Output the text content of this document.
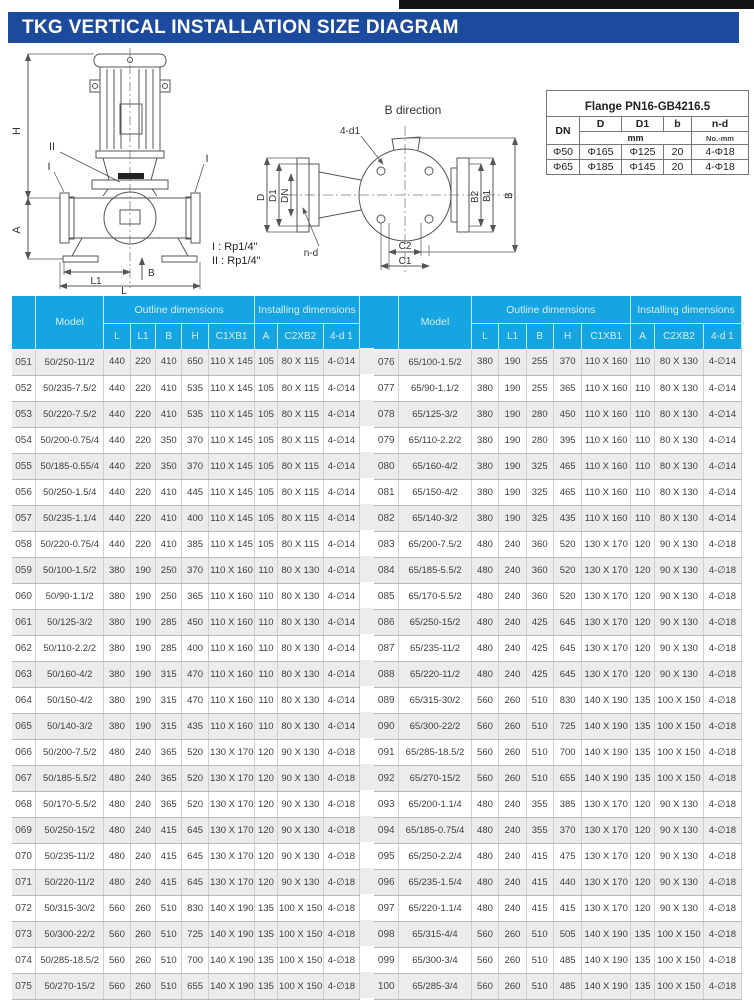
TKG VERTICAL INSTALLATION SIZE DIAGRAM
H
A
L1
L
B
II
I
I
B direction
D D1 DN	B2 B1 B
C2
C1
4-d1
n-d
I : Rp1/4"
II : Rp1/4"
Flange PN16-GB4216.5				
DN	D	D1	b	n-d
	mm			No.-mm
Φ50	Φ165	Φ125	20	4-Φ18
Φ65	Φ185	Φ145	20	4-Φ18
	Model	Outline dimensions					Installing dimensions		
		L	L1	B	H	C1XB1	A	C2XB2	4-d 1
051	50/250-11/2	440	220	410	650	110 X 145	105	80 X 115	4-∅14
052	50/235-7.5/2	440	220	410	535	110 X 145	105	80 X 115	4-∅14
053	50/220-7.5/2	440	220	410	535	110 X 145	105	80 X 115	4-∅14
054	50/200-0.75/4	440	220	350	370	110 X 145	105	80 X 115	4-∅14
055	50/185-0.55/4	440	220	350	370	110 X 145	105	80 X 115	4-∅14
056	50/250-1.5/4	440	220	410	445	110 X 145	105	80 X 115	4-∅14
057	50/235-1.1/4	440	220	410	400	110 X 145	105	80 X 115	4-∅14
058	50/220-0.75/4	440	220	410	385	110 X 145	105	80 X 115	4-∅14
059	50/100-1.5/2	380	190	250	370	110 X 160	110	80 X 130	4-∅14
060	50/90-1.1/2	380	190	250	365	110 X 160	110	80 X 130	4-∅14
061	50/125-3/2	380	190	285	450	110 X 160	110	80 X 130	4-∅14
062	50/110-2.2/2	380	190	285	400	110 X 160	110	80 X 130	4-∅14
063	50/160-4/2	380	190	315	470	110 X 160	110	80 X 130	4-∅14
064	50/150-4/2	380	190	315	470	110 X 160	110	80 X 130	4-∅14
065	50/140-3/2	380	190	315	435	110 X 160	110	80 X 130	4-∅14
066	50/200-7.5/2	480	240	365	520	130 X 170	120	90 X 130	4-∅18
067	50/185-5.5/2	480	240	365	520	130 X 170	120	90 X 130	4-∅18
068	50/170-5.5/2	480	240	365	520	130 X 170	120	90 X 130	4-∅18
069	50/250-15/2	480	240	415	645	130 X 170	120	90 X 130	4-∅18
070	50/235-11/2	480	240	415	645	130 X 170	120	90 X 130	4-∅18
071	50/220-11/2	480	240	415	645	130 X 170	120	90 X 130	4-∅18
072	50/315-30/2	560	260	510	830	140 X 190	135	100 X 150	4-∅18
073	50/300-22/2	560	260	510	725	140 X 190	135	100 X 150	4-∅18
074	50/285-18.5/2	560	260	510	700	140 X 190	135	100 X 150	4-∅18
075	50/270-15/2	560	260	510	655	140 X 190	135	100 X 150	4-∅18
	Model	Outline dimensions					Installing dimensions		
		L	L1	B	H	C1XB1	A	C2XB2	4-d 1
076	65/100-1.5/2	380	190	255	370	110 X 160	110	80 X 130	4-∅14
077	65/90-1.1/2	380	190	255	365	110 X 160	110	80 X 130	4-∅14
078	65/125-3/2	380	190	280	450	110 X 160	110	80 X 130	4-∅14
079	65/110-2.2/2	380	190	280	395	110 X 160	110	80 X 130	4-∅14
080	65/160-4/2	380	190	325	465	110 X 160	110	80 X 130	4-∅14
081	65/150-4/2	380	190	325	465	110 X 160	110	80 X 130	4-∅14
082	65/140-3/2	380	190	325	435	110 X 160	110	80 X 130	4-∅14
083	65/200-7.5/2	480	240	360	520	130 X 170	120	90 X 130	4-∅18
084	65/185-5.5/2	480	240	360	520	130 X 170	120	90 X 130	4-∅18
085	65/170-5.5/2	480	240	360	520	130 X 170	120	90 X 130	4-∅18
086	65/250-15/2	480	240	425	645	130 X 170	120	90 X 130	4-∅18
087	65/235-11/2	480	240	425	645	130 X 170	120	90 X 130	4-∅18
088	65/220-11/2	480	240	425	645	130 X 170	120	90 X 130	4-∅18
089	65/315-30/2	560	260	510	830	140 X 190	135	100 X 150	4-∅18
090	65/300-22/2	560	260	510	725	140 X 190	135	100 X 150	4-∅18
091	65/285-18.5/2	560	260	510	700	140 X 190	135	100 X 150	4-∅18
092	65/270-15/2	560	260	510	655	140 X 190	135	100 X 150	4-∅18
093	65/200-1.1/4	480	240	355	385	130 X 170	120	90 X 130	4-∅18
094	65/185-0.75/4	480	240	355	370	130 X 170	120	90 X 130	4-∅18
095	65/250-2.2/4	480	240	415	475	130 X 170	120	90 X 130	4-∅18
096	65/235-1.5/4	480	240	415	440	130 X 170	120	90 X 130	4-∅18
097	65/220-1.1/4	480	240	415	415	130 X 170	120	90 X 130	4-∅18
098	65/315-4/4	560	260	510	505	140 X 190	135	100 X 150	4-∅18
099	65/300-3/4	560	260	510	485	140 X 190	135	100 X 150	4-∅18
100	65/285-3/4	560	260	510	485	140 X 190	135	100 X 150	4-∅18
